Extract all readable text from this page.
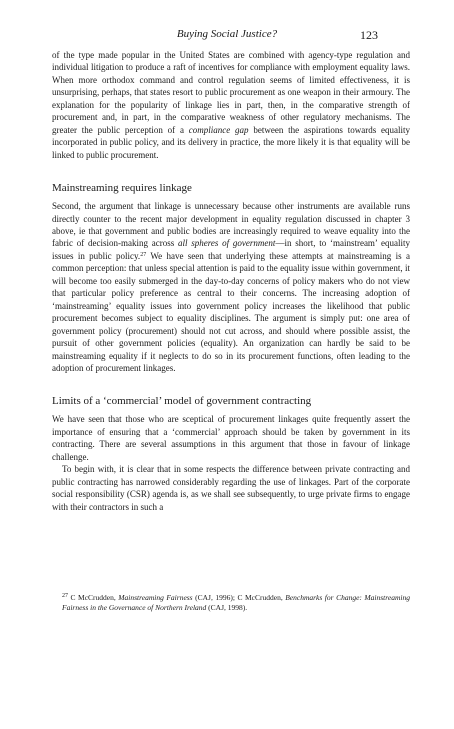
Buying Social Justice?	123

of the type made popular in the United States are combined with agency-type regulation and individual litigation to produce a raft of incentives for compliance with employment equality laws. When more orthodox command and control regulation seems of limited effectiveness, it is unsurprising, perhaps, that states resort to public procurement as one weapon in their armoury. The explanation for the popularity of linkage lies in part, then, in the comparative strength of procurement and, in part, in the comparative weakness of other regulatory mechanisms. The greater the public perception of a compliance gap between the aspirations towards equality incorporated in public policy, and its delivery in practice, the more likely it is that equality will be linked to public procurement.

Mainstreaming requires linkage

Second, the argument that linkage is unnecessary because other instruments are available runs directly counter to the recent major development in equality regulation discussed in chapter 3 above, ie that government and public bodies are increasingly required to weave equality into the fabric of decision-making across all spheres of government—in short, to ‘mainstream’ equality issues in public policy.$^{27}$ We have seen that underlying these attempts at mainstreaming is a common perception: that unless special attention is paid to the equality issue within government, it will become too easily submerged in the day-to-day concerns of policy makers who do not view that particular policy preference as central to their concerns. The increasing adoption of ‘mainstreaming’ equality issues into government policy increases the likelihood that public procurement becomes subject to equality disciplines. The argument is simply put: one area of government policy (procurement) should not cut across, and should where possible assist, the pursuit of other government policies (equality). An organization can hardly be said to be mainstreaming equality if it neglects to do so in its procurement functions, often leading to the adoption of procurement linkages.

Limits of a ‘commercial’ model of government contracting

We have seen that those who are sceptical of procurement linkages quite frequently assert the importance of ensuring that a ‘commercial’ approach should be taken by government in its contracting. There are several assumptions in this argument that those in favour of linkage challenge.

To begin with, it is clear that in some respects the difference between private contracting and public contracting has narrowed considerably regarding the use of linkages. Part of the corporate social responsibility (CSR) agenda is, as we shall see subsequently, to urge private firms to engage with their contractors in such a

$^{27}$ C McCrudden, Mainstreaming Fairness (CAJ, 1996); C McCrudden, Benchmarks for Change: Mainstreaming Fairness in the Governance of Northern Ireland (CAJ, 1998).
